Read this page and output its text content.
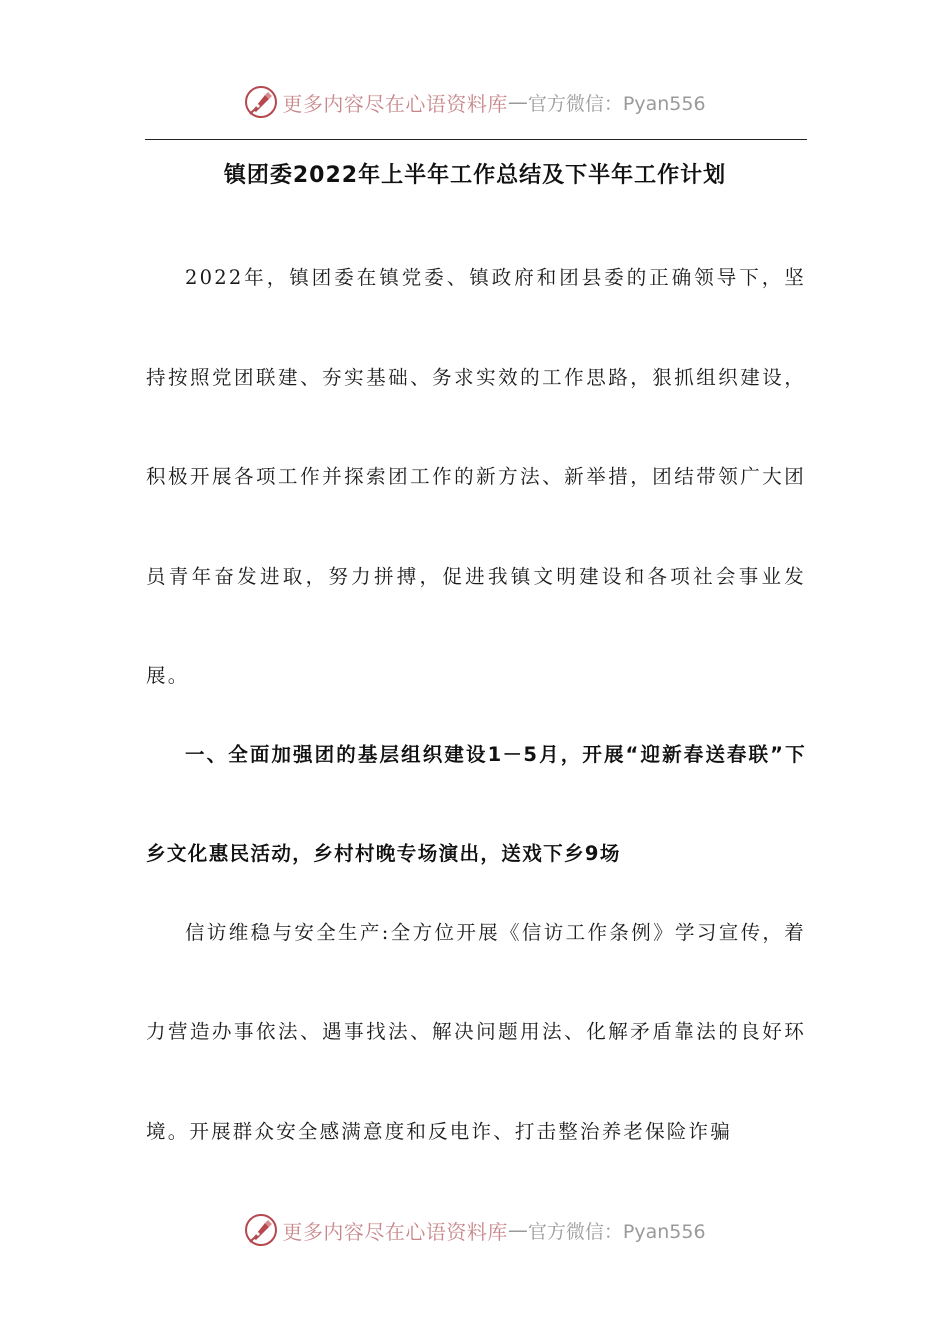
更多内容尽在心语资料库 — 官方微信：Pyan556
镇团委2022年上半年工作总结及下半年工作计划

2022年，镇团委在镇党委、镇政府和团县委的正确领导下，坚持按照党团联建、夯实基础、务求实效的工作思路，狠抓组织建设，积极开展各项工作并探索团工作的新方法、新举措，团结带领广大团员青年奋发进取，努力拼搏，促进我镇文明建设和各项社会事业发展。

一、全面加强团的基层组织建设1－5月，开展“迎新春送春联”下乡文化惠民活动，乡村村晚专场演出，送戏下乡9场

信访维稳与安全生产:全方位开展《信访工作条例》学习宣传，着力营造办事依法、遇事找法、解决问题用法、化解矛盾靠法的良好环境。开展群众安全感满意度和反电诈、打击整治养老保险诈骗

更多内容尽在心语资料库 — 官方微信：Pyan556
